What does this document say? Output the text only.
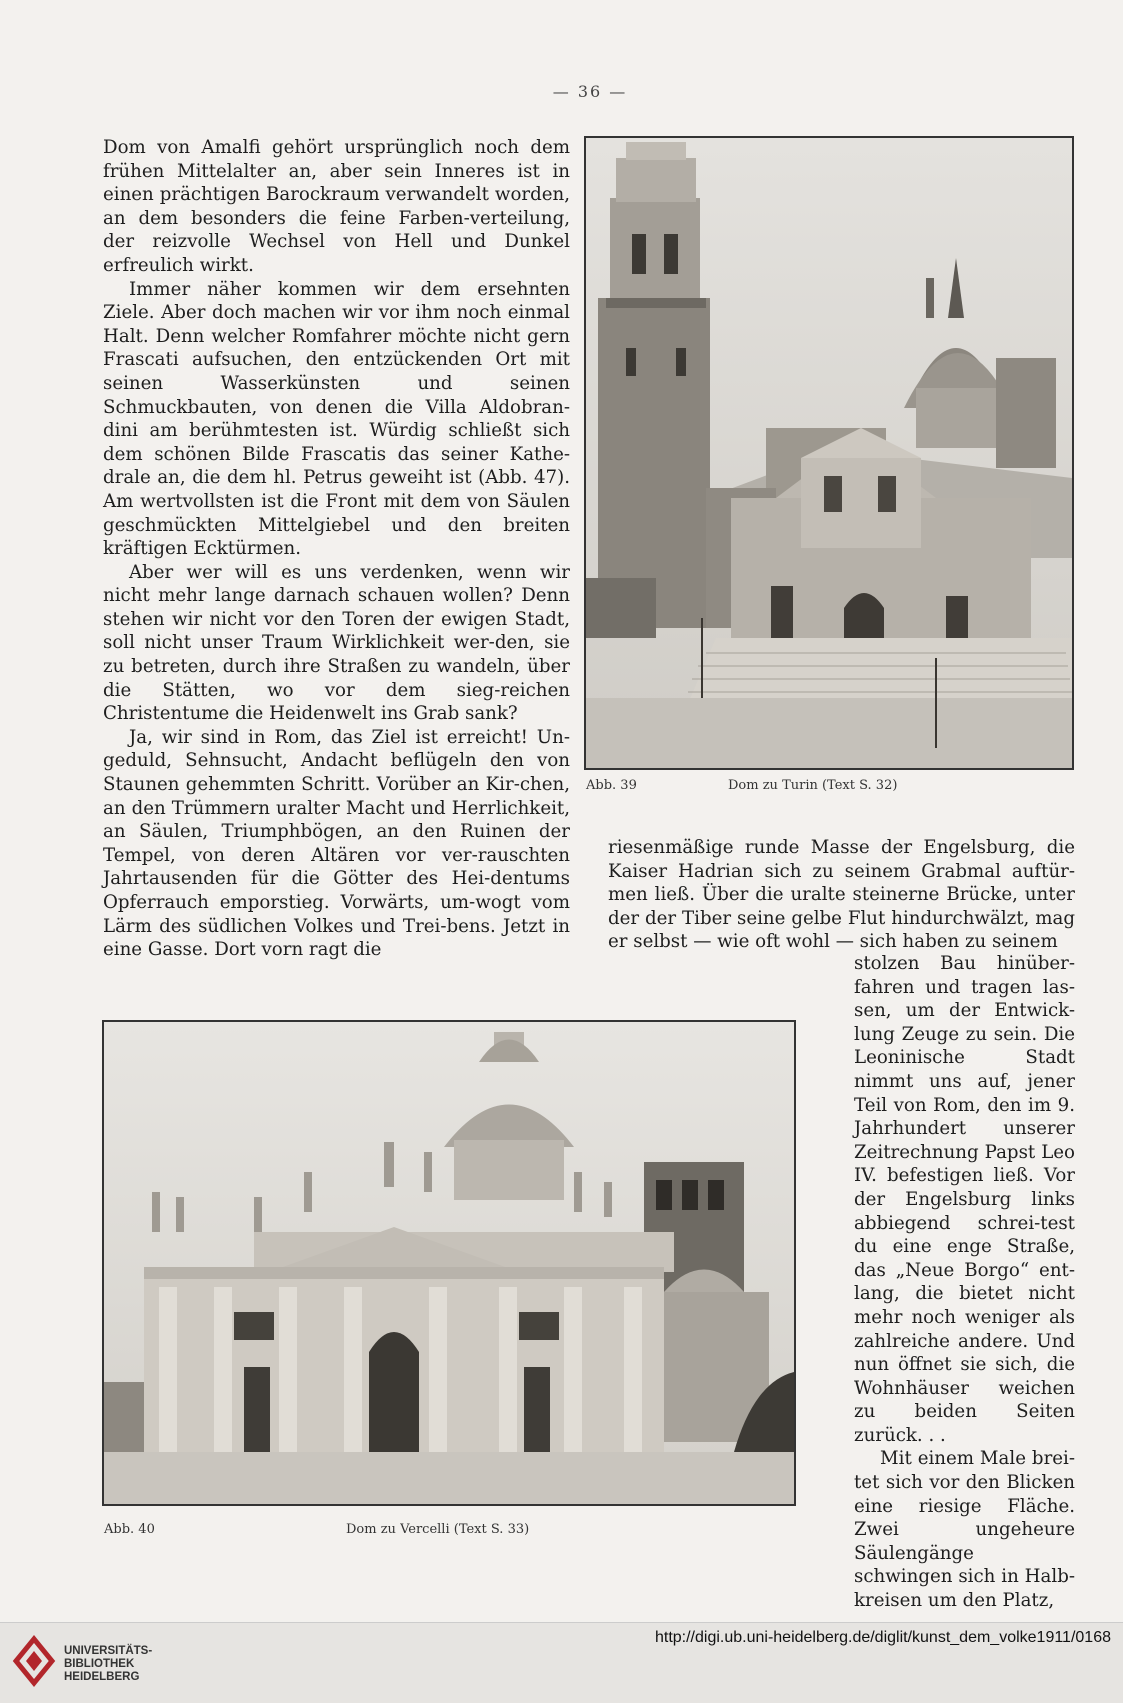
— 36 —

Dom von Amalfi gehört ursprünglich noch dem frühen Mittelalter an, aber sein Inneres ist in einen prächtigen Barockraum verwandelt worden, an dem besonders die feine Farben-verteilung, der reizvolle Wechsel von Hell und Dunkel erfreulich wirkt.

Immer näher kommen wir dem ersehnten Ziele. Aber doch machen wir vor ihm noch einmal Halt. Denn welcher Romfahrer möchte nicht gern Frascati aufsuchen, den entzückenden Ort mit seinen Wasserkünsten und seinen Schmuckbauten, von denen die Villa Aldobran-dini am berühmtesten ist. Würdig schließt sich dem schönen Bilde Frascatis das seiner Kathe-drale an, die dem hl. Petrus geweiht ist (Abb. 47). Am wertvollsten ist die Front mit dem von Säulen geschmückten Mittelgiebel und den breiten kräftigen Ecktürmen.

Aber wer will es uns verdenken, wenn wir nicht mehr lange darnach schauen wollen? Denn stehen wir nicht vor den Toren der ewigen Stadt, soll nicht unser Traum Wirklichkeit wer-den, sie zu betreten, durch ihre Straßen zu wandeln, über die Stätten, wo vor dem sieg-reichen Christentume die Heidenwelt ins Grab sank?

Ja, wir sind in Rom, das Ziel ist erreicht! Un-geduld, Sehnsucht, Andacht beflügeln den von Staunen gehemmten Schritt. Vorüber an Kir-chen, an den Trümmern uralter Macht und Herrlichkeit, an Säulen, Triumphbögen, an den Ruinen der Tempel, von deren Altären vor ver-rauschten Jahrtausenden für die Götter des Hei-dentums Opferrauch emporstieg. Vorwärts, um-wogt vom Lärm des südlichen Volkes und Trei-bens. Jetzt in eine Gasse. Dort vorn ragt die

Abb. 39	Dom zu Turin (Text S. 32)

riesenmäßige runde Masse der Engelsburg, die Kaiser Hadrian sich zu seinem Grabmal auftür-men ließ. Über die uralte steinerne Brücke, unter der der Tiber seine gelbe Flut hindurchwälzt, mag er selbst — wie oft wohl — sich haben zu seinem

stolzen Bau hinüber-fahren und tragen las-sen, um der Entwick-lung Zeuge zu sein. Die Leoninische Stadt nimmt uns auf, jener Teil von Rom, den im 9. Jahrhundert unserer Zeitrechnung Papst Leo IV. befestigen ließ. Vor der Engelsburg links abbiegend schrei-test du eine enge Straße, das „Neue Borgo“ ent-lang, die bietet nicht mehr noch weniger als zahlreiche andere. Und nun öffnet sie sich, die Wohnhäuser weichen zu beiden Seiten zurück. . .

Mit einem Male brei-tet sich vor den Blicken eine riesige Fläche. Zwei ungeheure Säulengänge schwingen sich in Halb-kreisen um den Platz,

Abb. 40	Dom zu Vercelli (Text S. 33)
UNIVERSITÄTS-
BIBLIOTHEK
HEIDELBERG
http://digi.ub.uni-heidelberg.de/diglit/kunst_dem_volke1911/0168
